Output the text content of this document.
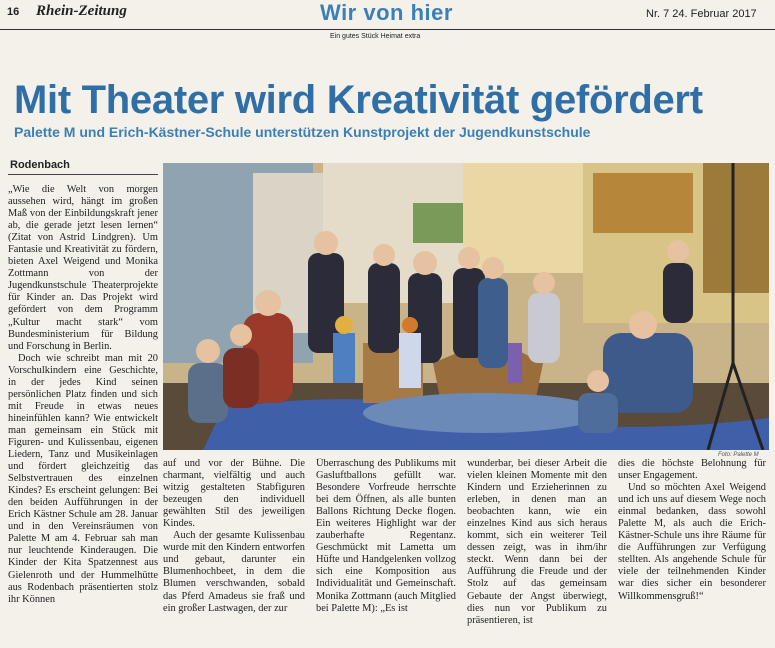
16 Rhein-Zeitung	Wir von hier	Nr. 7 24. Februar 2017
Ein gutes Stück Heimat extra
Mit Theater wird Kreativität gefördert
Palette M und Erich-Kästner-Schule unterstützen Kunstprojekt der Jugendkunstschule
Rodenbach
Foto: Palette M

„Wie die Welt von morgen aussehen wird, hängt im großen Maß von der Einbildungskraft jener ab, die gerade jetzt lesen lernen“ (Zitat von Astrid Lindgren). Um Fantasie und Kreativität zu fördern, bieten Axel Weigend und Monika Zottmann von der Jugendkunstschule Theaterprojekte für Kinder an. Das Projekt wird gefördert von dem Programm „Kultur macht stark“ vom Bundesministerium für Bildung und Forschung in Berlin.

Doch wie schreibt man mit 20 Vorschulkindern eine Geschichte, in der jedes Kind seinen persönlichen Platz finden und sich mit Freude in etwas neues hineinfühlen kann? Wie entwickelt man gemeinsam ein Stück mit Figuren- und Kulissenbau, eigenen Liedern, Tanz und Musikeinlagen und fördert gleichzeitig das Selbstvertrauen des einzelnen Kindes? Es erscheint gelungen: Bei den beiden Aufführungen in der Erich Kästner Schule am 28. Januar und in den Vereinsräumen von Palette M am 4. Februar sah man nur leuchtende Kinderaugen. Die Kinder der Kita Spatzennest aus Gielenroth und der Hummelhütte aus Rodenbach präsentierten stolz ihr Können

auf und vor der Bühne. Die charmant, vielfältig und auch witzig gestalteten Stabfiguren bezeugen den individuell gewählten Stil des jeweiligen Kindes.

Auch der gesamte Kulissenbau wurde mit den Kindern entworfen und gebaut, darunter ein Blumenhochbeet, in dem die Blumen verschwanden, sobald das Pferd Amadeus sie fraß und ein großer Lastwagen, der zur

Überraschung des Publikums mit Gasluftballons gefüllt war. Besondere Vorfreude herrschte bei dem Öffnen, als alle bunten Ballons Richtung Decke flogen. Ein weiteres Highlight war der zauberhafte Regentanz. Geschmückt mit Lametta um Hüfte und Handgelenken vollzog sich eine Komposition aus Individualität und Gemeinschaft. Monika Zottmann (auch Mitglied bei Palette M): „Es ist

wunderbar, bei dieser Arbeit die vielen kleinen Momente mit den Kindern und Erzieherinnen zu erleben, in denen man an beobachten kann, wie ein einzelnes Kind aus sich heraus kommt, sich ein weiterer Teil dessen zeigt, was in ihm/ihr steckt. Wenn dann bei der Aufführung die Freude und der Stolz auf das gemeinsam Gebaute der Angst überwiegt, dies nun vor Publikum zu präsentieren, ist

dies die höchste Belohnung für unser Engagement.

Und so möchten Axel Weigend und ich uns auf diesem Wege noch einmal bedanken, dass sowohl Palette M, als auch die Erich-Kästner-Schule uns ihre Räume für die Aufführungen zur Verfügung stellten. Als angehende Schule für viele der teilnehmenden Kinder war dies sicher ein besonderer Willkommensgruß!“
